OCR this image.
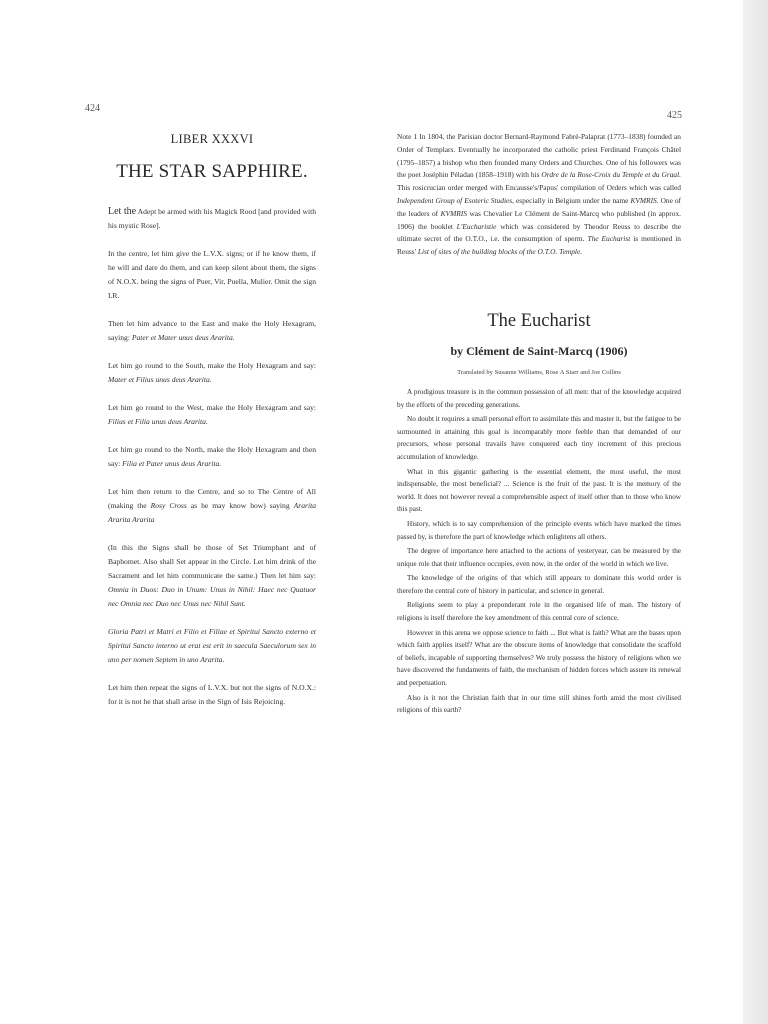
424
425
LIBER XXXVI
THE STAR SAPPHIRE.

Let the Adept be armed with his Magick Rood [and provided with his mystic Rose].

In the centre, let him give the L.V.X. signs; or if he know them, if he will and dare do them, and can keep silent about them, the signs of N.O.X. being the signs of Puer, Vir, Puella, Mulier. Omit the sign I.R.

Then let him advance to the East and make the Holy Hexagram, saying: Pater et Mater unus deus Ararita.

Let him go round to the South, make the Holy Hexagram and say: Mater et Filius unus deus Ararita.

Let him go round to the West, make the Holy Hexagram and say: Filius et Filia unus deus Ararita.

Let him go round to the North, make the Holy Hexagram and then say: Filia et Pater unus deus Ararita.

Let him then return to the Centre, and so to The Centre of All (making the Rosy Cross as he may know how) saying Ararita Ararita Ararita

(In this the Signs shall be those of Set Triumphant and of Baphomet. Also shall Set appear in the Circle. Let him drink of the Sacrament and let him communicate the same.) Then let him say: Omnia in Duos: Duo in Unum: Unus in Nihil: Haec nec Quatuor nec Omnia nec Duo nec Unus nec Nihil Sunt.

Gloria Patri et Matri et Filio et Filiae et Spiritui Sancto externo et Spiritui Sancto interno ut erat est erit in saecula Saeculorum sex in uno per nomen Septem in uno Ararita.

Let him then repeat the signs of L.V.X. but not the signs of N.O.X.: for it is not he that shall arise in the Sign of Isis Rejoicing.

Note 1 In 1804, the Parisian doctor Bernard-Raymond Fabré-Palaprat (1773–1838) founded an Order of Templars. Eventually he incorporated the catholic priest Ferdinand François Châtel (1795–1857) a bishop who then founded many Orders and Churches. One of his followers was the poet Joséphin Péladan (1858–1918) with his Ordre de la Rose-Croix du Temple et du Graal. This rosicrucian order merged with Encausse's/Papus' compilation of Orders which was called Independent Group of Esoteric Studies, especially in Belgium under the name KVMRIS. One of the leaders of KVMRIS was Chevalier Le Clément de Saint-Marcq who published (in approx. 1906) the booklet L'Eucharistie which was considered by Theodor Reuss to describe the ultimate secret of the O.T.O., i.e. the consumption of sperm. The Eucharist is mentioned in Reuss' List of sites of the building blocks of the O.T.O. Temple.

The Eucharist
by Clément de Saint-Marcq (1906)
Translated by Susanne Williams, Rose A Starr and Joe Collins

A prodigious treasure is in the common possession of all men: that of the knowledge acquired by the efforts of the preceding generations.

No doubt it requires a small personal effort to assimilate this and master it, but the fatigue to be surmounted in attaining this goal is incomparably more feeble than that demanded of our precursors, whose personal travails have conquered each tiny increment of this precious accumulation of knowledge.

What in this gigantic gathering is the essential element, the most useful, the most indispensable, the most beneficial? ... Science is the fruit of the past. It is the memory of the world. It does not however reveal a comprehensible aspect of itself other than to those who know this past.

History, which is to say comprehension of the principle events which have marked the times passed by, is therefore the part of knowledge which enlightens all others.

The degree of importance here attached to the actions of yesteryear, can be measured by the unique role that their influence occupies, even now, in the order of the world in which we live.

The knowledge of the origins of that which still appears to dominate this world order is therefore the central core of history in particular, and science in general.

Religions seem to play a preponderant role in the organised life of man. The history of religions is itself therefore the key amendment of this central core of science.

However in this arena we oppose science to faith ... But what is faith? What are the bases upon which faith applies itself? What are the obscure items of knowledge that consolidate the scaffold of beliefs, incapable of supporting themselves? We truly possess the history of religions when we have discovered the fundaments of faith, the mechanism of hidden forces which assure its renewal and perpetuation.

Also is it not the Christian faith that in our time still shines forth amid the most civilised religions of this earth?
